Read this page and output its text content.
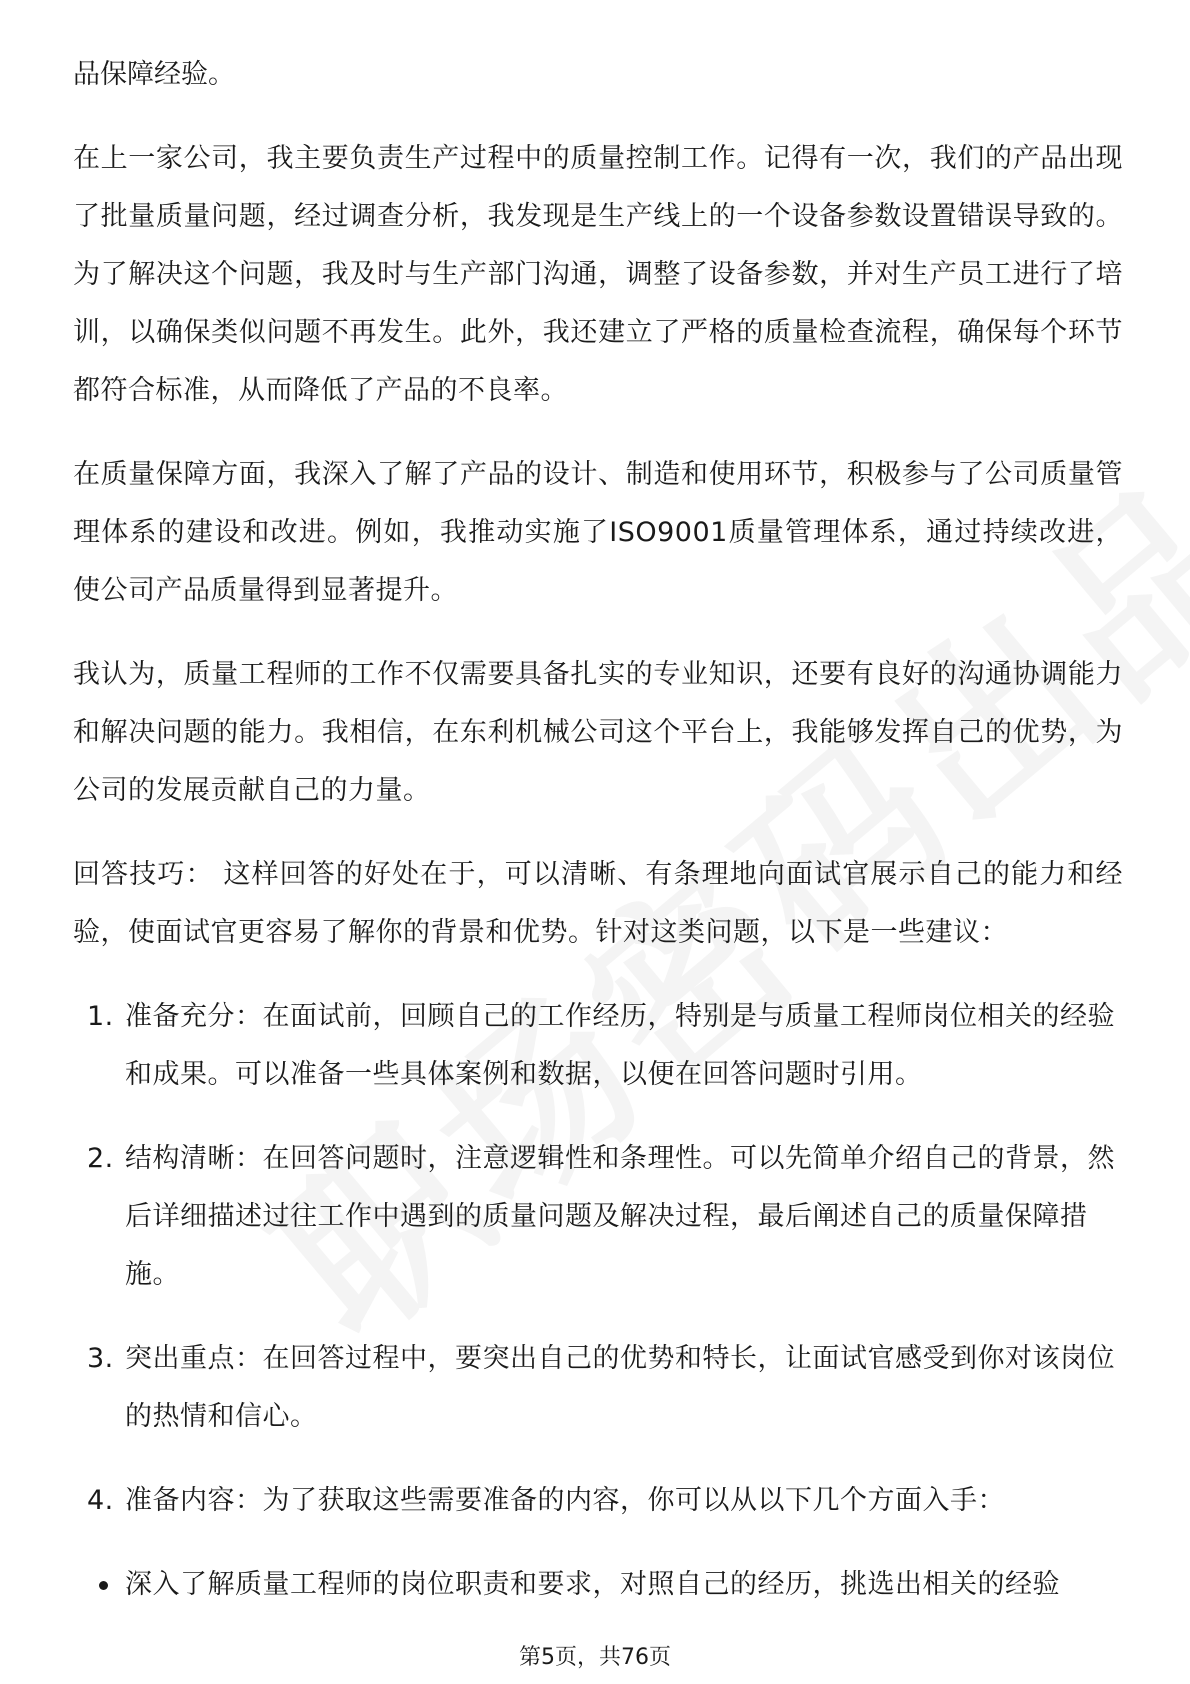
品保障经验。

在上一家公司，我主要负责生产过程中的质量控制工作。记得有一次，我们的产品出现了批量质量问题，经过调查分析，我发现是生产线上的一个设备参数设置错误导致的。为了解决这个问题，我及时与生产部门沟通，调整了设备参数，并对生产员工进行了培训，以确保类似问题不再发生。此外，我还建立了严格的质量检查流程，确保每个环节都符合标准，从而降低了产品的不良率。

在质量保障方面，我深入了解了产品的设计、制造和使用环节，积极参与了公司质量管理体系的建设和改进。例如，我推动实施了ISO9001质量管理体系，通过持续改进，使公司产品质量得到显著提升。

我认为，质量工程师的工作不仅需要具备扎实的专业知识，还要有良好的沟通协调能力和解决问题的能力。我相信，在东利机械公司这个平台上，我能够发挥自己的优势，为公司的发展贡献自己的力量。

回答技巧： 这样回答的好处在于，可以清晰、有条理地向面试官展示自己的能力和经验，使面试官更容易了解你的背景和优势。针对这类问题，以下是一些建议：

1. 准备充分：在面试前，回顾自己的工作经历，特别是与质量工程师岗位相关的经验和成果。可以准备一些具体案例和数据，以便在回答问题时引用。
2. 结构清晰：在回答问题时，注意逻辑性和条理性。可以先简单介绍自己的背景，然后详细描述过往工作中遇到的质量问题及解决过程，最后阐述自己的质量保障措施。
3. 突出重点：在回答过程中，要突出自己的优势和特长，让面试官感受到你对该岗位的热情和信心。
4. 准备内容：为了获取这些需要准备的内容，你可以从以下几个方面入手：
深入了解质量工程师的岗位职责和要求，对照自己的经历，挑选出相关的经验
第5页，共76页
